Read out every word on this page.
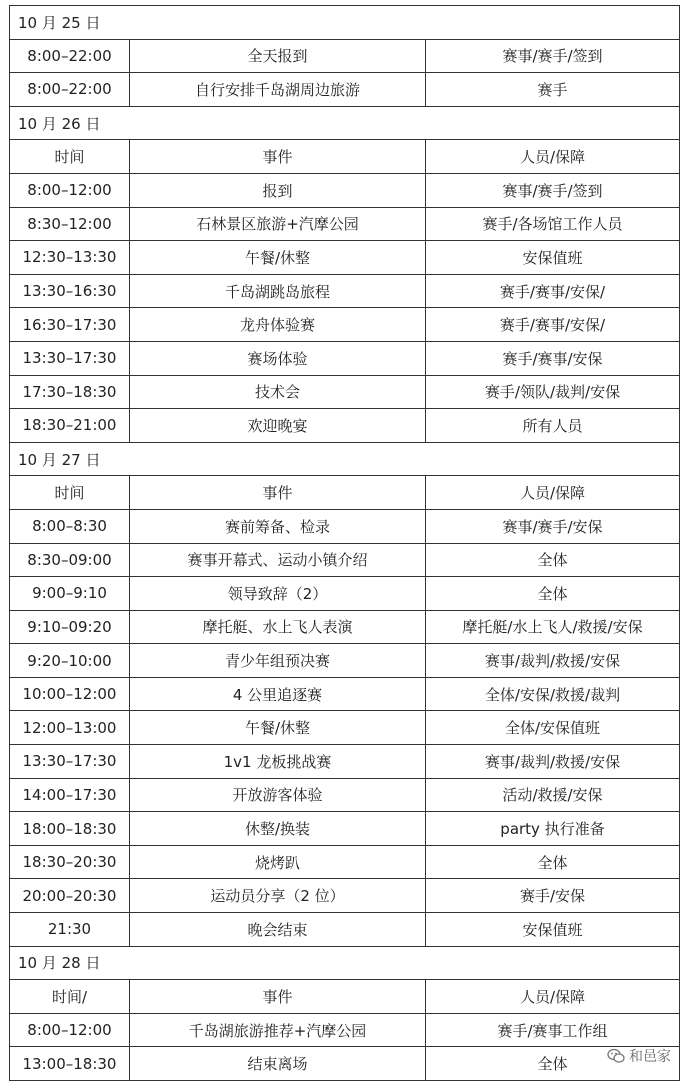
10 月 25 日		
8:00–22:00	全天报到	赛事/赛手/签到
8:00–22:00	自行安排千岛湖周边旅游	赛手
10 月 26 日		
时间	事件	人员/保障
8:00–12:00	报到	赛事/赛手/签到
8:30–12:00	石林景区旅游+汽摩公园	赛手/各场馆工作人员
12:30–13:30	午餐/休整	安保值班
13:30–16:30	千岛湖跳岛旅程	赛手/赛事/安保/
16:30–17:30	龙舟体验赛	赛手/赛事/安保/
13:30–17:30	赛场体验	赛手/赛事/安保
17:30–18:30	技术会	赛手/领队/裁判/安保
18:30–21:00	欢迎晚宴	所有人员
10 月 27 日		
时间	事件	人员/保障
8:00–8:30	赛前筹备、检录	赛事/赛手/安保
8:30–09:00	赛事开幕式、运动小镇介绍	全体
9:00–9:10	领导致辞（2）	全体
9:10–09:20	摩托艇、水上飞人表演	摩托艇/水上飞人/救援/安保
9:20–10:00	青少年组预决赛	赛事/裁判/救援/安保
10:00–12:00	4 公里追逐赛	全体/安保/救援/裁判
12:00–13:00	午餐/休整	全体/安保值班
13:30–17:30	1v1 龙板挑战赛	赛事/裁判/救援/安保
14:00–17:30	开放游客体验	活动/救援/安保
18:00–18:30	休整/换装	party 执行准备
18:30–20:30	烧烤趴	全体
20:00–20:30	运动员分享（2 位）	赛手/安保
21:30	晚会结束	安保值班
10 月 28 日		
时间/	事件	人员/保障
8:00–12:00	千岛湖旅游推荐+汽摩公园	赛手/赛事工作组
13:00–18:30	结束离场	全体	和邑家
